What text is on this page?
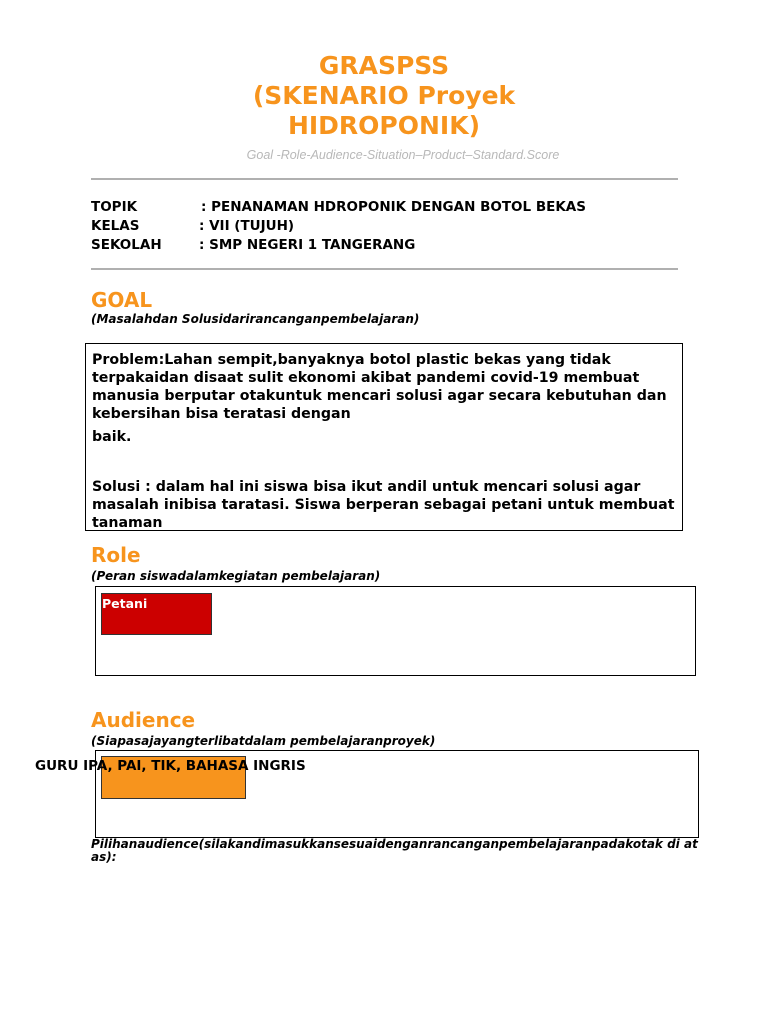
GRASPSS
(SKENARIO Proyek
HIDROPONIK)
Goal -Role-Audience-Situation–Product–Standard.Score
TOPIK	: PENANAMAN HDROPONIK DENGAN BOTOL BEKAS
KELAS	: VII (TUJUH)
SEKOLAH	: SMP NEGERI 1 TANGERANG
GOAL
(Masalahdan Solusidarirancanganpembelajaran)

Problem:Lahan sempit,banyaknya botol plastic bekas yang tidak terpakaidan disaat sulit ekonomi akibat pandemi covid-19 membuat manusia berputar otakuntuk mencari solusi agar secara kebutuhan dan kebersihan bisa teratasi dengan

baik.

Solusi : dalam hal ini siswa bisa ikut andil untuk mencari solusi agar masalah inibisa taratasi. Siswa berperan sebagai petani untuk membuat tanaman

Role
(Peran siswadalamkegiatan pembelajaran)
Petani
Audience
(Siapasajayangterlibatdalam pembelajaranproyek)
GURU IPA, PAI, TIK, BAHASA INGRIS
Pilihanaudience(silakandimasukkansesuaidenganrancanganpembelajaranpadakotak di atas):
